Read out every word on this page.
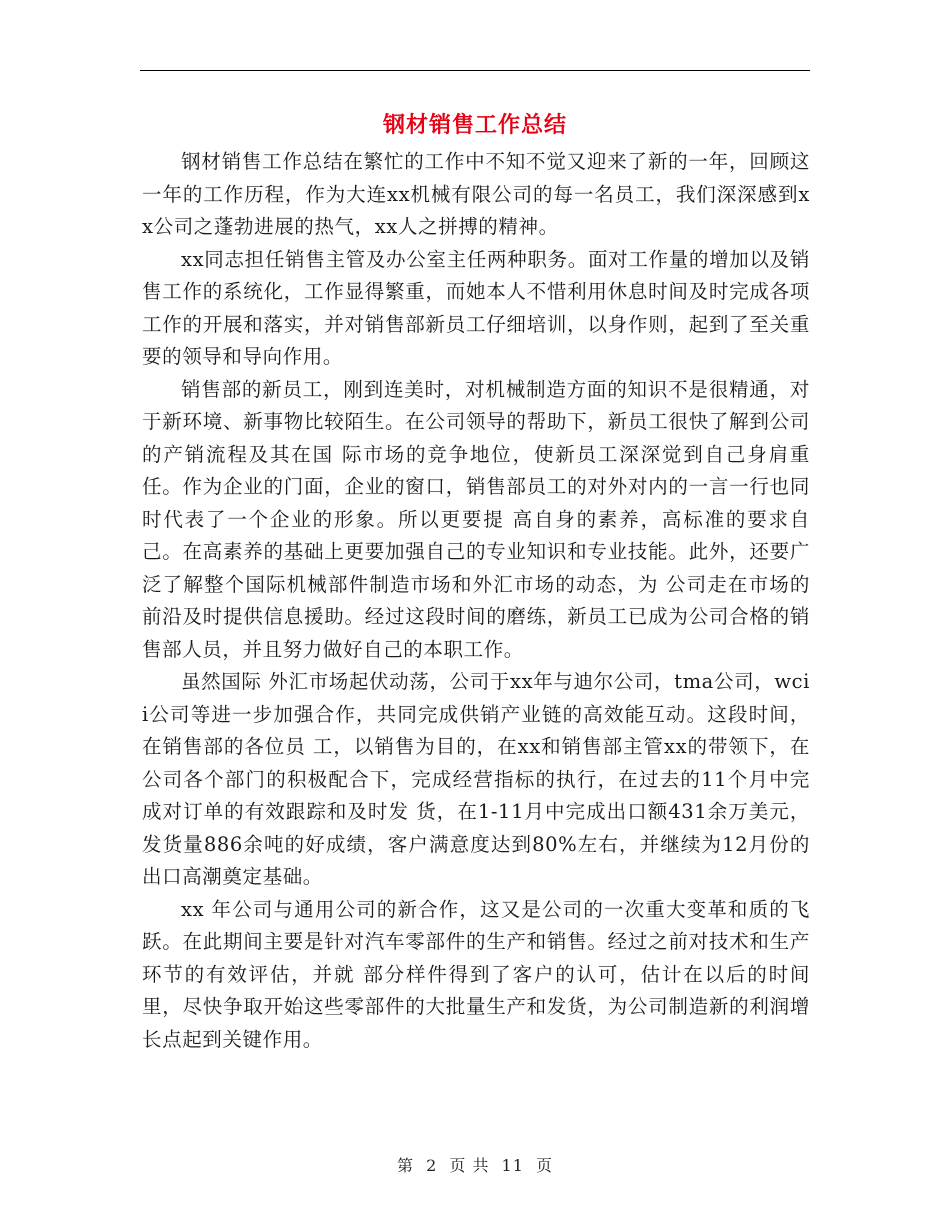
钢材销售工作总结

钢材销售工作总结在繁忙的工作中不知不觉又迎来了新的一年，回顾这一年的工作历程，作为大连xx机械有限公司的每一名员工，我们深深感到xx公司之蓬勃进展的热气，xx人之拼搏的精神。

xx同志担任销售主管及办公室主任两种职务。面对工作量的增加以及销售工作的系统化，工作显得繁重，而她本人不惜利用休息时间及时完成各项工作的开展和落实，并对销售部新员工仔细培训，以身作则，起到了至关重要的领导和导向作用。

销售部的新员工，刚到连美时，对机械制造方面的知识不是很精通，对于新环境、新事物比较陌生。在公司领导的帮助下，新员工很快了解到公司的产销流程及其在国 际市场的竞争地位，使新员工深深觉到自己身肩重任。作为企业的门面，企业的窗口，销售部员工的对外对内的一言一行也同时代表了一个企业的形象。所以更要提 高自身的素养，高标准的要求自己。在高素养的基础上更要加强自己的专业知识和专业技能。此外，还要广泛了解整个国际机械部件制造市场和外汇市场的动态，为 公司走在市场的前沿及时提供信息援助。经过这段时间的磨练，新员工已成为公司合格的销售部人员，并且努力做好自己的本职工作。

虽然国际 外汇市场起伏动荡，公司于xx年与迪尔公司，tma公司，wcii公司等进一步加强合作，共同完成供销产业链的高效能互动。这段时间，在销售部的各位员 工，以销售为目的，在xx和销售部主管xx的带领下，在公司各个部门的积极配合下，完成经营指标的执行，在过去的11个月中完成对订单的有效跟踪和及时发 货，在1-11月中完成出口额431余万美元，发货量886余吨的好成绩，客户满意度达到80%左右，并继续为12月份的出口高潮奠定基础。

xx 年公司与通用公司的新合作，这又是公司的一次重大变革和质的飞跃。在此期间主要是针对汽车零部件的生产和销售。经过之前对技术和生产环节的有效评估，并就 部分样件得到了客户的认可，估计在以后的时间里，尽快争取开始这些零部件的大批量生产和发货，为公司制造新的利润增长点起到关键作用。

第 2 页 共 11 页
